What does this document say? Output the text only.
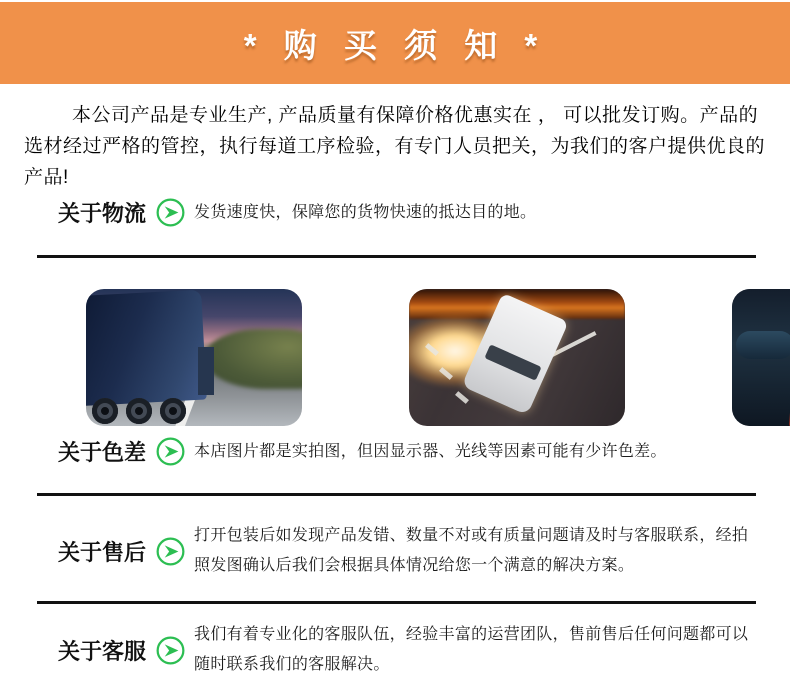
* 购 买 须 知 *

本公司产品是专业生产, 产品质量有保障价格优惠实在 ， 可以批发订购。产品的选材经过严格的管控，执行每道工序检验，有专门人员把关，为我们的客户提供优良的产品!

关于物流	发货速度快，保障您的货物快速的抵达目的地。
关于色差	本店图片都是实拍图，但因显示器、光线等因素可能有少许色差。
关于售后
打开包装后如发现产品发错、数量不对或有质量问题请及时与客服联系，经拍照发图确认后我们会根据具体情况给您一个满意的解决方案。
关于客服
我们有着专业化的客服队伍，经验丰富的运营团队，售前售后任何问题都可以随时联系我们的客服解决。
